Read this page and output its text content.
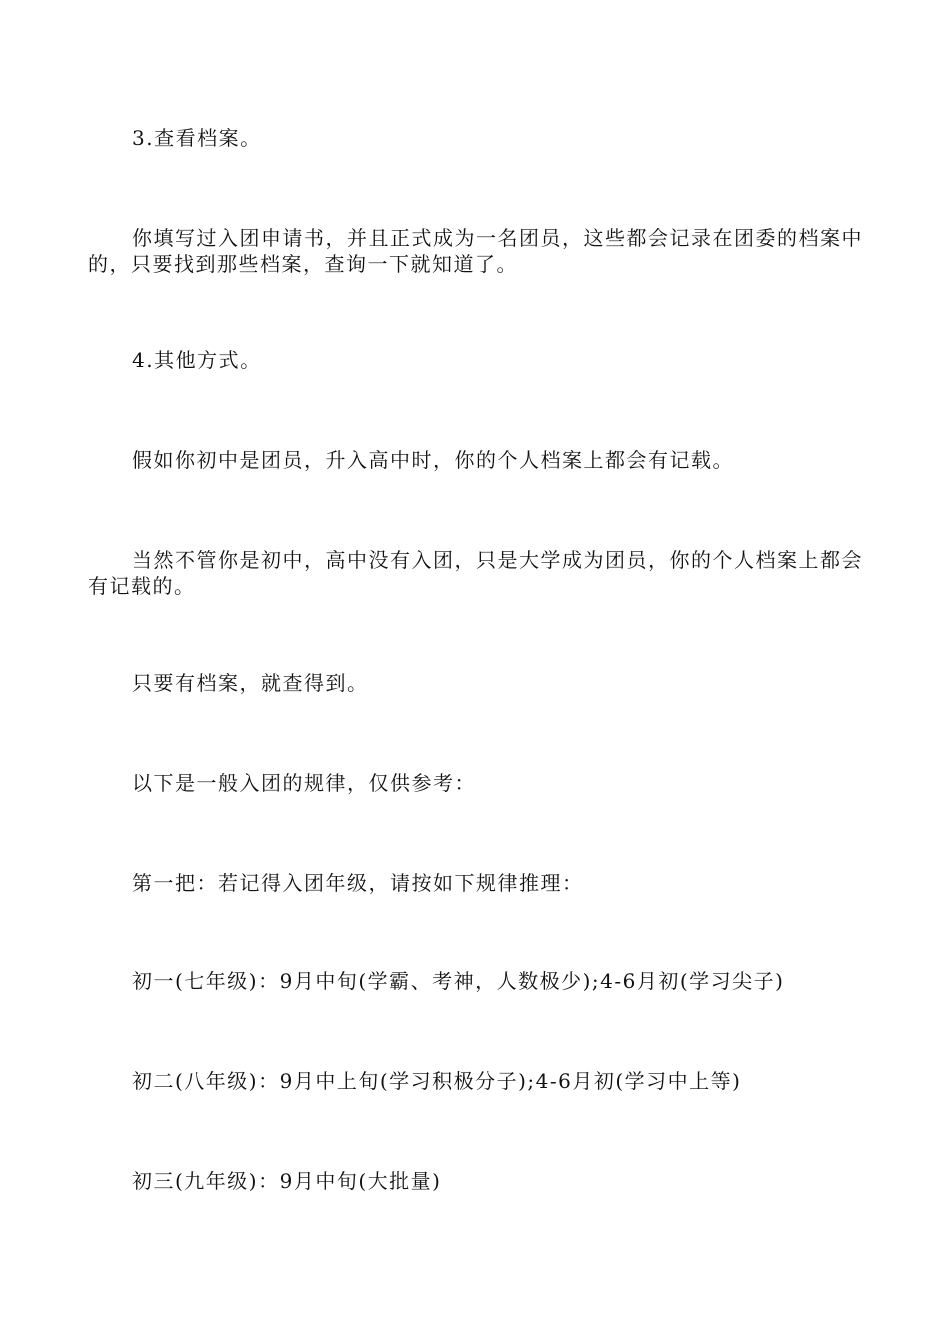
3.查看档案。

你填写过入团申请书，并且正式成为一名团员，这些都会记录在团委的档案中的，只要找到那些档案，查询一下就知道了。

4.其他方式。

假如你初中是团员，升入高中时，你的个人档案上都会有记载。

当然不管你是初中，高中没有入团，只是大学成为团员，你的个人档案上都会有记载的。

只要有档案，就查得到。

以下是一般入团的规律，仅供参考：

第一把：若记得入团年级，请按如下规律推理：

初一(七年级)：9月中旬(学霸、考神，人数极少);4-6月初(学习尖子)

初二(八年级)：9月中上旬(学习积极分子);4-6月初(学习中上等)

初三(九年级)：9月中旬(大批量)
